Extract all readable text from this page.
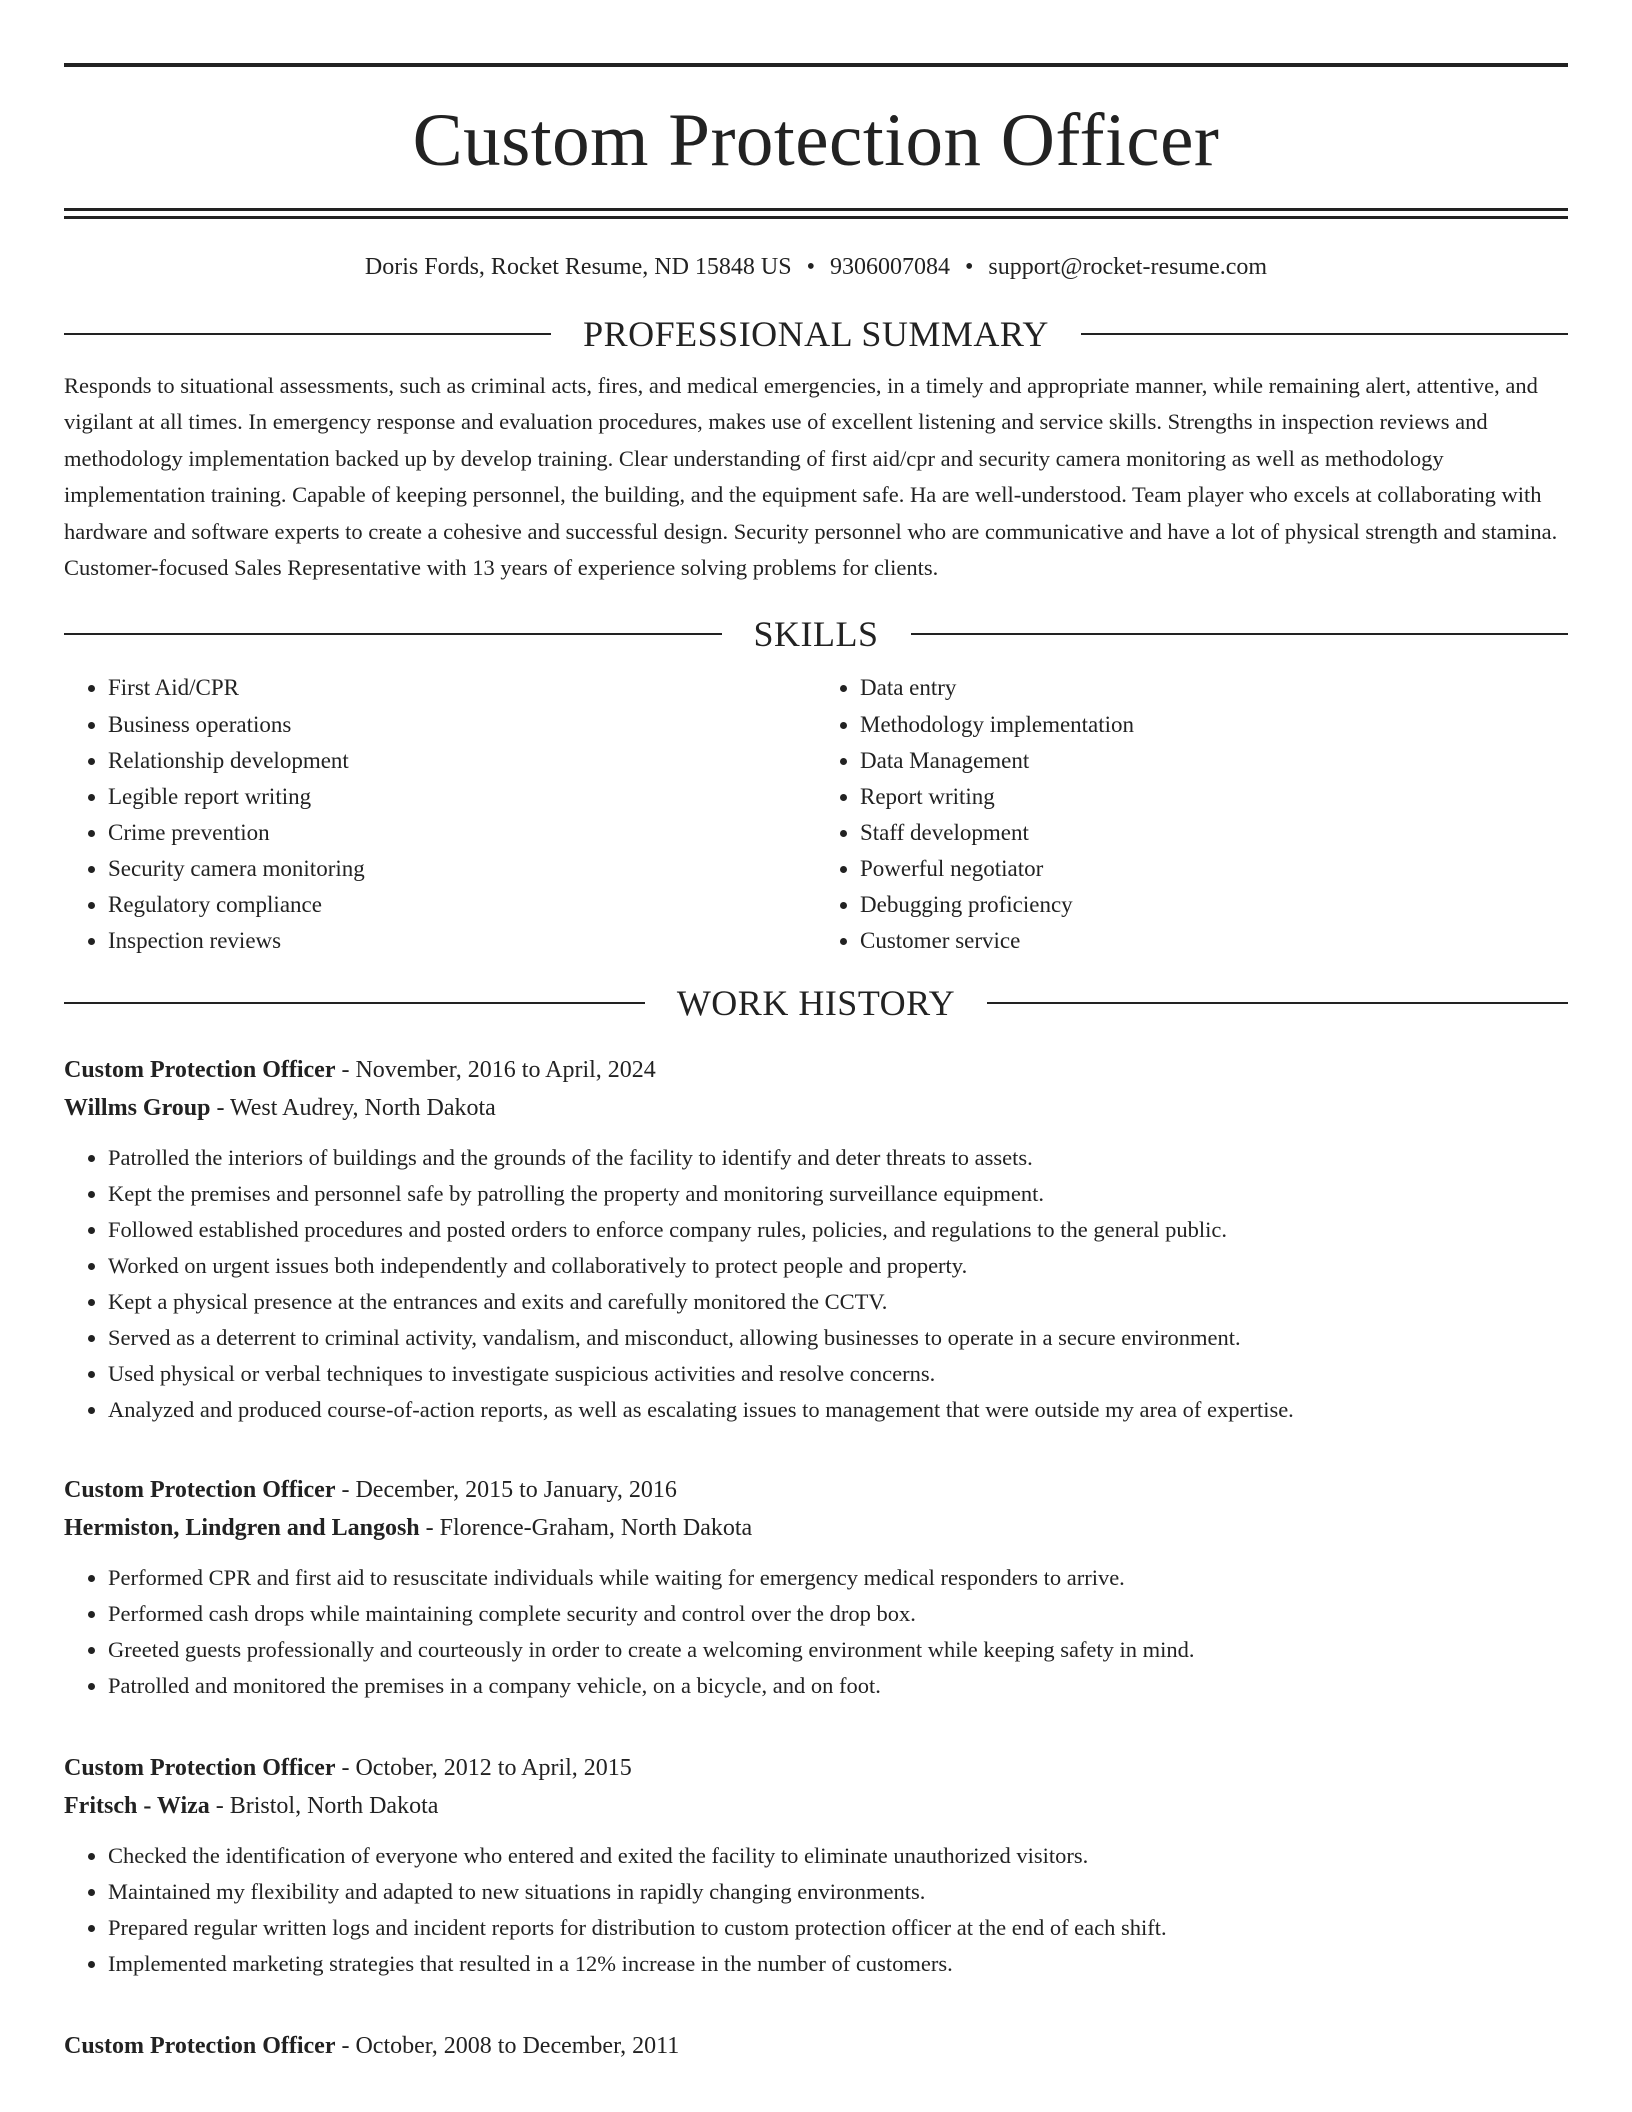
Custom Protection Officer
Doris Fords, Rocket Resume, ND 15848 US • 9306007084 • support@rocket-resume.com
PROFESSIONAL SUMMARY
Responds to situational assessments, such as criminal acts, fires, and medical emergencies, in a timely and appropriate manner, while remaining alert, attentive, and vigilant at all times. In emergency response and evaluation procedures, makes use of excellent listening and service skills. Strengths in inspection reviews and methodology implementation backed up by develop training. Clear understanding of first aid/cpr and security camera monitoring as well as methodology implementation training. Capable of keeping personnel, the building, and the equipment safe. Ha are well-understood. Team player who excels at collaborating with hardware and software experts to create a cohesive and successful design. Security personnel who are communicative and have a lot of physical strength and stamina. Customer-focused Sales Representative with 13 years of experience solving problems for clients.
SKILLS
• First Aid/CPR
• Business operations
• Relationship development
• Legible report writing
• Crime prevention
• Security camera monitoring
• Regulatory compliance
• Inspection reviews
• Data entry
• Methodology implementation
• Data Management
• Report writing
• Staff development
• Powerful negotiator
• Debugging proficiency
• Customer service
WORK HISTORY
Custom Protection Officer - November, 2016 to April, 2024
Willms Group - West Audrey, North Dakota
• Patrolled the interiors of buildings and the grounds of the facility to identify and deter threats to assets.
• Kept the premises and personnel safe by patrolling the property and monitoring surveillance equipment.
• Followed established procedures and posted orders to enforce company rules, policies, and regulations to the general public.
• Worked on urgent issues both independently and collaboratively to protect people and property.
• Kept a physical presence at the entrances and exits and carefully monitored the CCTV.
• Served as a deterrent to criminal activity, vandalism, and misconduct, allowing businesses to operate in a secure environment.
• Used physical or verbal techniques to investigate suspicious activities and resolve concerns.
• Analyzed and produced course-of-action reports, as well as escalating issues to management that were outside my area of expertise.
Custom Protection Officer - December, 2015 to January, 2016
Hermiston, Lindgren and Langosh - Florence-Graham, North Dakota
• Performed CPR and first aid to resuscitate individuals while waiting for emergency medical responders to arrive.
• Performed cash drops while maintaining complete security and control over the drop box.
• Greeted guests professionally and courteously in order to create a welcoming environment while keeping safety in mind.
• Patrolled and monitored the premises in a company vehicle, on a bicycle, and on foot.
Custom Protection Officer - October, 2012 to April, 2015
Fritsch - Wiza - Bristol, North Dakota
• Checked the identification of everyone who entered and exited the facility to eliminate unauthorized visitors.
• Maintained my flexibility and adapted to new situations in rapidly changing environments.
• Prepared regular written logs and incident reports for distribution to custom protection officer at the end of each shift.
• Implemented marketing strategies that resulted in a 12% increase in the number of customers.
Custom Protection Officer - October, 2008 to December, 2011
